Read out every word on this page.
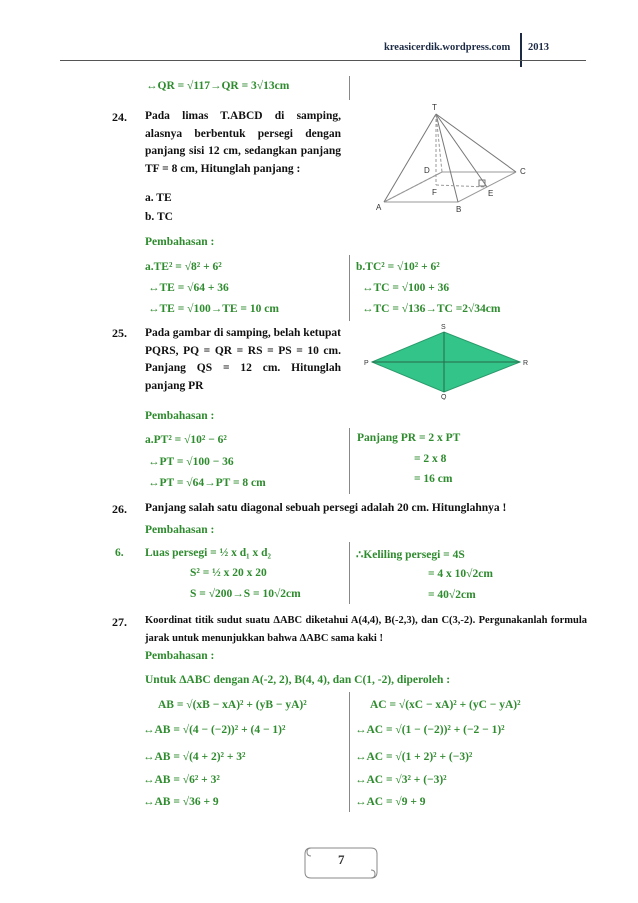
kreasicerdik.wordpress.com 2013
↔QR = √117→QR = 3√13cm
24. Pada limas T.ABCD di samping, alasnya berbentuk persegi dengan panjang sisi 12 cm, sedangkan panjang TF = 8 cm, Hitunglah panjang :
a. TE
b. TC
T
A	B
C
D
E
F
Pembahasan :
a.TE² = √8² + 6²
↔TE = √64 + 36
↔TE = √100→TE = 10 cm
b.TC² = √10² + 6²
↔TC = √100 + 36
↔TC = √136→TC =2√34cm
25. Pada gambar di samping, belah ketupat PQRS, PQ = QR = RS = PS = 10 cm. Panjang QS = 12 cm. Hitunglah panjang PR
P
S
R
Q
Pembahasan :
a.PT² = √10² − 6²
↔PT = √100 − 36
↔PT = √64→PT = 8 cm
Panjang PR = 2 x PT
= 2 x 8
= 16 cm
26. Panjang salah satu diagonal sebuah persegi adalah 20 cm. Hitunglahnya !
Pembahasan :
6. Luas persegi = ½ x d₁ x d₂
S² = ½ x 20 x 20
S = √200→S = 10√2cm
∴Keliling persegi = 4S
= 4 x 10√2cm
= 40√2cm
27. Koordinat titik sudut suatu ΔABC diketahui A(4,4), B(-2,3), dan C(3,-2). Pergunakanlah formula jarak untuk menunjukkan bahwa ΔABC sama kaki !
Pembahasan :
Untuk ΔABC dengan A(-2, 2), B(4, 4), dan C(1, -2), diperoleh :
AB = √(xB − xA)² + (yB − yA)²
↔AB = √(4 − (−2))² + (4 − 1)²
↔AB = √(4 + 2)² + 3²
↔AB = √6² + 3²
↔AB = √36 + 9
AC = √(xC − xA)² + (yC − yA)²
↔AC = √(1 − (−2))² + (−2 − 1)²
↔AC = √(1 + 2)² + (−3)²
↔AC = √3² + (−3)²
↔AC = √9 + 9
7
